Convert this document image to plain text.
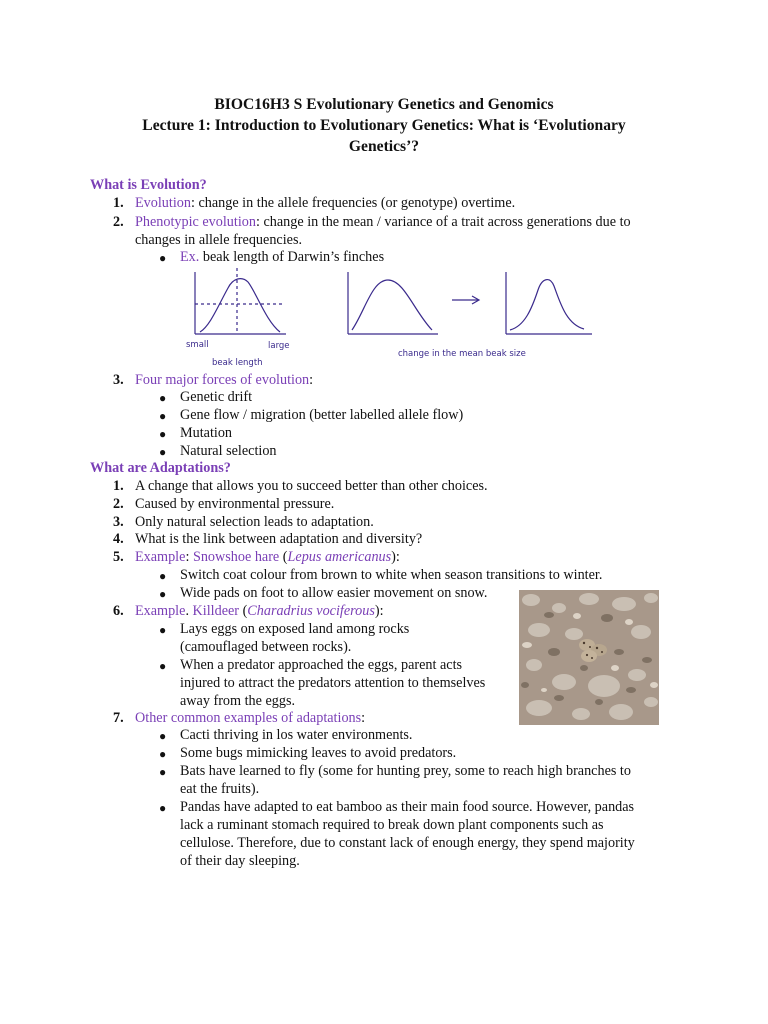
BIOC16H3 S Evolutionary Genetics and Genomics
Lecture 1: Introduction to Evolutionary Genetics: What is ‘Evolutionary
Genetics’?
What is Evolution?
1. Evolution: change in the allele frequencies (or genotype) overtime.
2. Phenotypic evolution: change in the mean / variance of a trait across generations due to
changes in allele frequencies.
● Ex. beak length of Darwin’s finches
small	large
beak length
change in the mean beak size
3. Four major forces of evolution:
● Genetic drift
● Gene flow / migration (better labelled allele flow)
● Mutation
● Natural selection
What are Adaptations?
1. A change that allows you to succeed better than other choices.
2. Caused by environmental pressure.
3. Only natural selection leads to adaptation.
4. What is the link between adaptation and diversity?
5. Example: Snowshoe hare (Lepus americanus):
● Switch coat colour from brown to white when season transitions to winter.
● Wide pads on foot to allow easier movement on snow.
6. Example. Killdeer (Charadrius vociferous):
● Lays eggs on exposed land among rocks
(camouflaged between rocks).
● When a predator approached the eggs, parent acts
injured to attract the predators attention to themselves
away from the eggs.
7. Other common examples of adaptations:
● Cacti thriving in los water environments.
● Some bugs mimicking leaves to avoid predators.
● Bats have learned to fly (some for hunting prey, some to reach high branches to
eat the fruits).
● Pandas have adapted to eat bamboo as their main food source. However, pandas
lack a ruminant stomach required to break down plant components such as
cellulose. Therefore, due to constant lack of enough energy, they spend majority
of their day sleeping.
